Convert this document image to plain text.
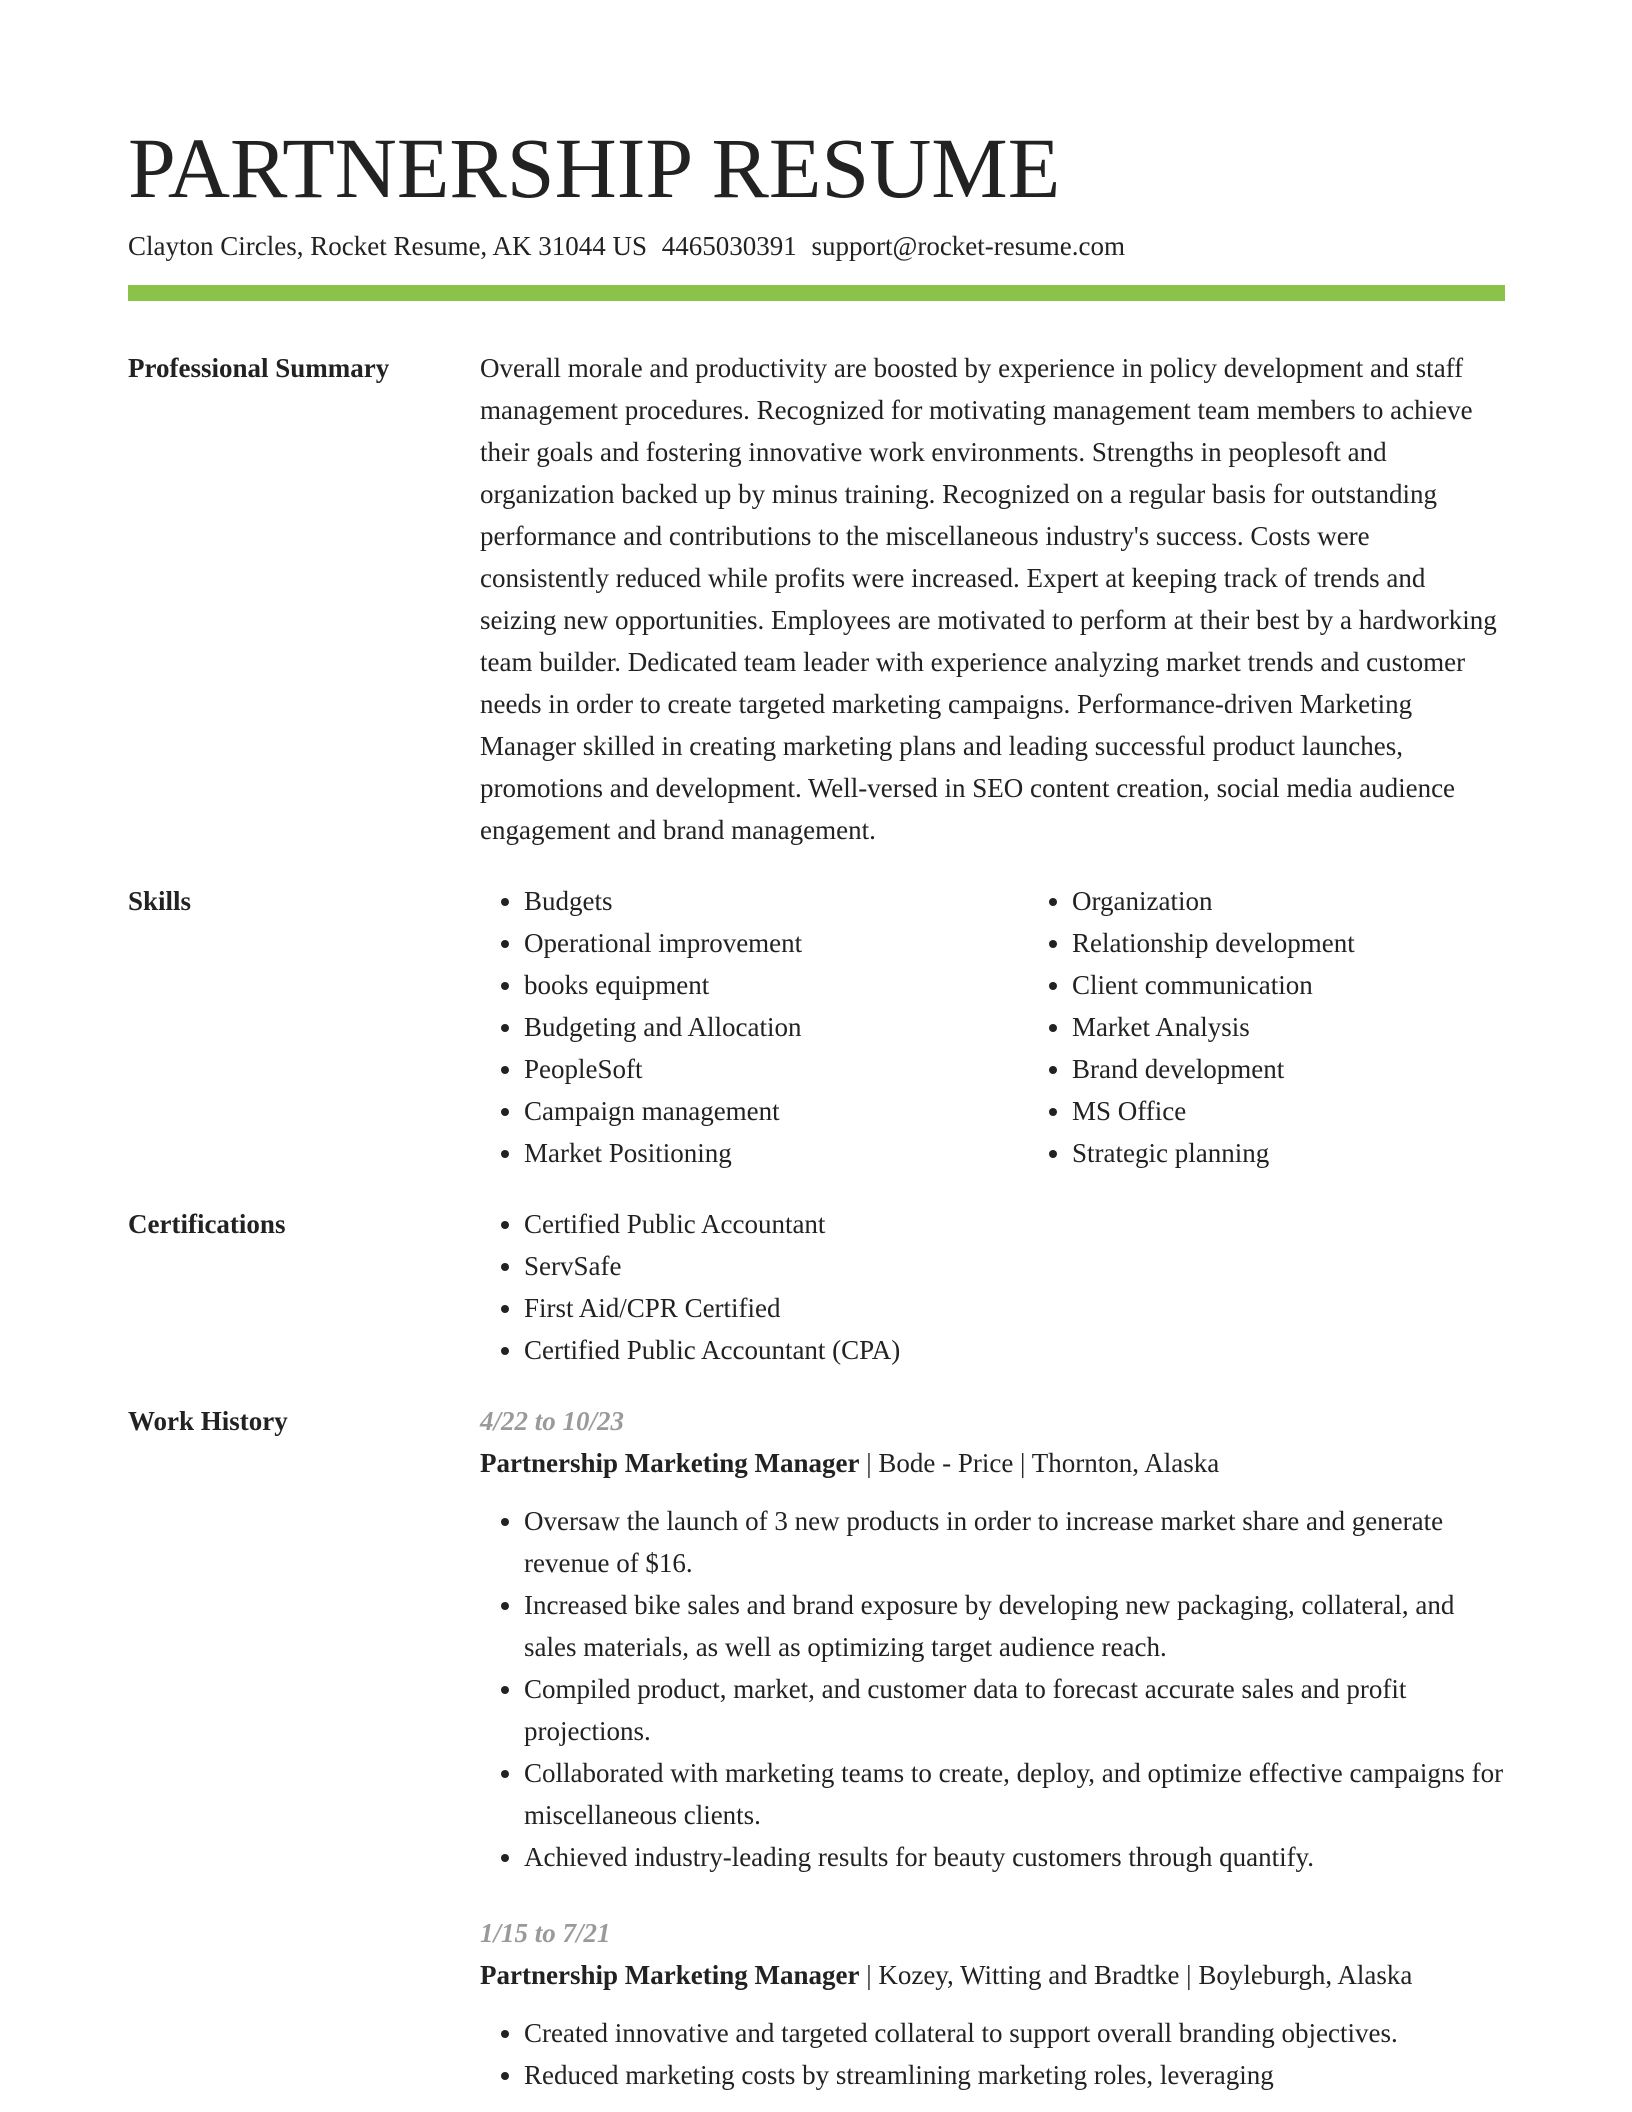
PARTNERSHIP RESUME
Clayton Circles, Rocket Resume, AK 31044 US 4465030391 support@rocket-resume.com
Professional Summary	Overall morale and productivity are boosted by experience in policy development and staff management procedures. Recognized for motivating management team members to achieve their goals and fostering innovative work environments. Strengths in peoplesoft and organization backed up by minus training. Recognized on a regular basis for outstanding performance and contributions to the miscellaneous industry's success. Costs were consistently reduced while profits were increased. Expert at keeping track of trends and seizing new opportunities. Employees are motivated to perform at their best by a hardworking team builder. Dedicated team leader with experience analyzing market trends and customer needs in order to create targeted marketing campaigns. Performance-driven Marketing Manager skilled in creating marketing plans and leading successful product launches, promotions and development. Well-versed in SEO content creation, social media audience engagement and brand management.

Skills	• Budgets
• Operational improvement
• books equipment
• Budgeting and Allocation
• PeopleSoft
• Campaign management
• Market Positioning
• Organization
• Relationship development
• Client communication
• Market Analysis
• Brand development
• MS Office
• Strategic planning
Certifications	• Certified Public Accountant
• ServSafe
• First Aid/CPR Certified
• Certified Public Accountant (CPA)
Work History	4/22 to 10/23
Partnership Marketing Manager | Bode - Price | Thornton, Alaska
• Oversaw the launch of 3 new products in order to increase market share and generate revenue of $16.
• Increased bike sales and brand exposure by developing new packaging, collateral, and sales materials, as well as optimizing target audience reach.
• Compiled product, market, and customer data to forecast accurate sales and profit projections.
• Collaborated with marketing teams to create, deploy, and optimize effective campaigns for miscellaneous clients.
• Achieved industry-leading results for beauty customers through quantify.
1/15 to 7/21
Partnership Marketing Manager | Kozey, Witting and Bradtke | Boyleburgh, Alaska
• Created innovative and targeted collateral to support overall branding objectives.
• Reduced marketing costs by streamlining marketing roles, leveraging
